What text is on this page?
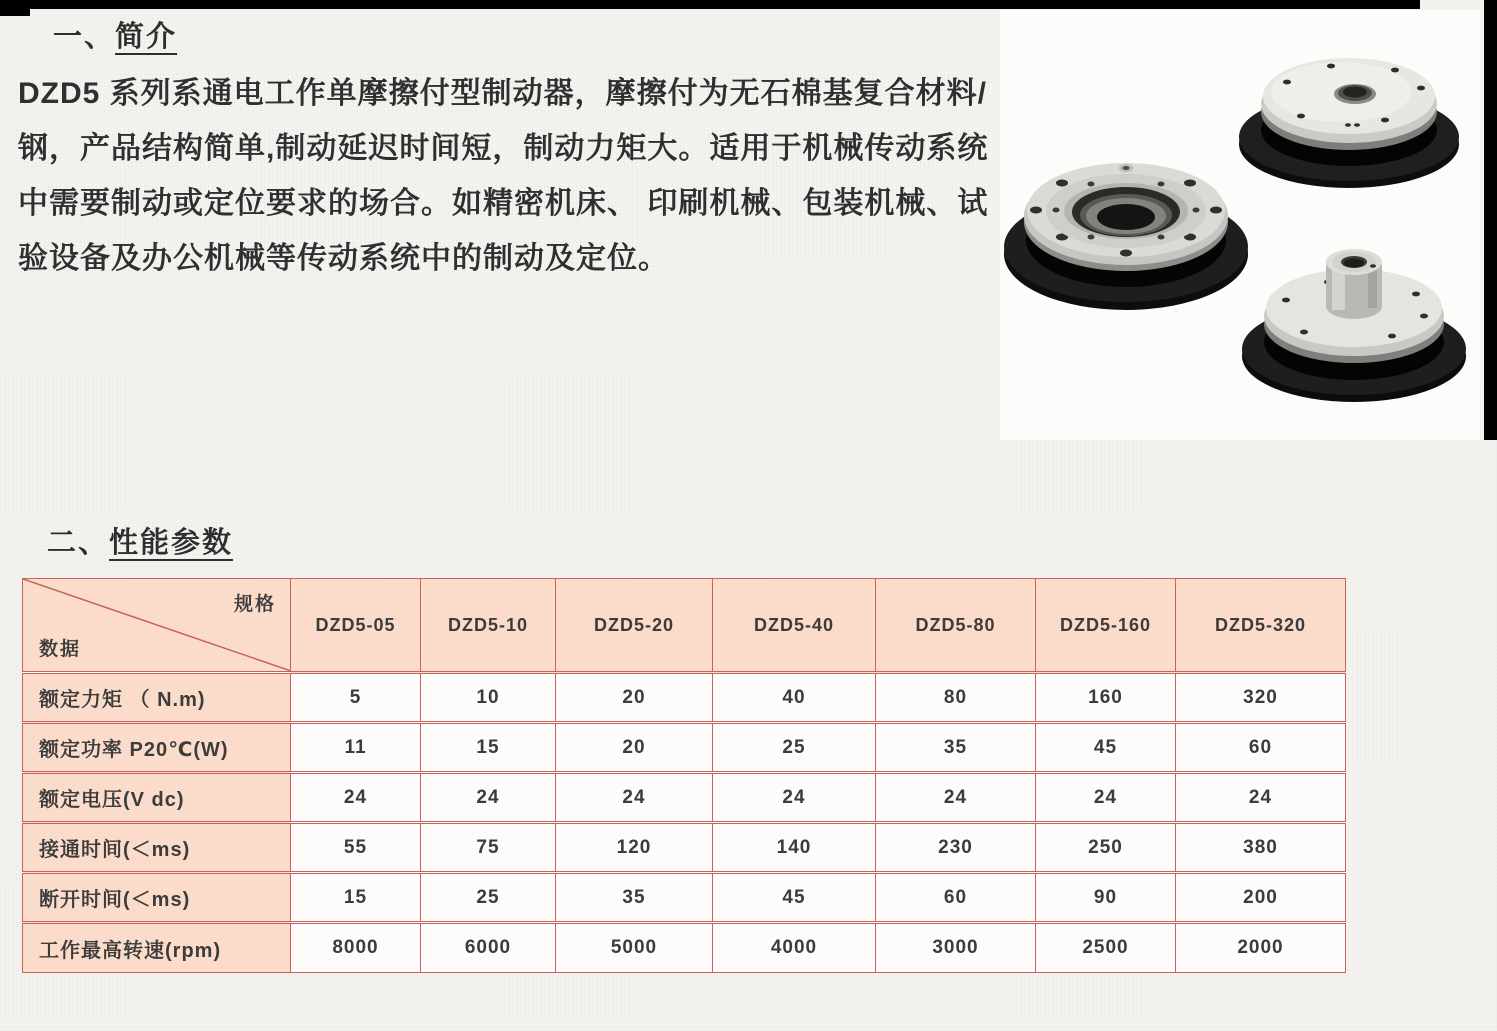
一、简介
DZD5 系列系通电工作单摩擦付型制动器，摩擦付为无石棉基复合材料/
钢，产品结构简单,制动延迟时间短，制动力矩大。适用于机械传动系统
中需要制动或定位要求的场合。如精密机床、 印刷机械、包装机械、试
验设备及办公机械等传动系统中的制动及定位。
二、性能参数
规格
数据	DZD5-05	DZD5-10	DZD5-20	DZD5-40	DZD5-80	DZD5-160	DZD5-320
额定力矩 （ N.m)	5	10	20	40	80	160	320
额定功率 P20℃(W)	11	15	20	25	35	45	60
额定电压(V dc)	24	24	24	24	24	24	24
接通时间(＜ms)	55	75	120	140	230	250	380
断开时间(＜ms)	15	25	35	45	60	90	200
工作最高转速(rpm)	8000	6000	5000	4000	3000	2500	2000
